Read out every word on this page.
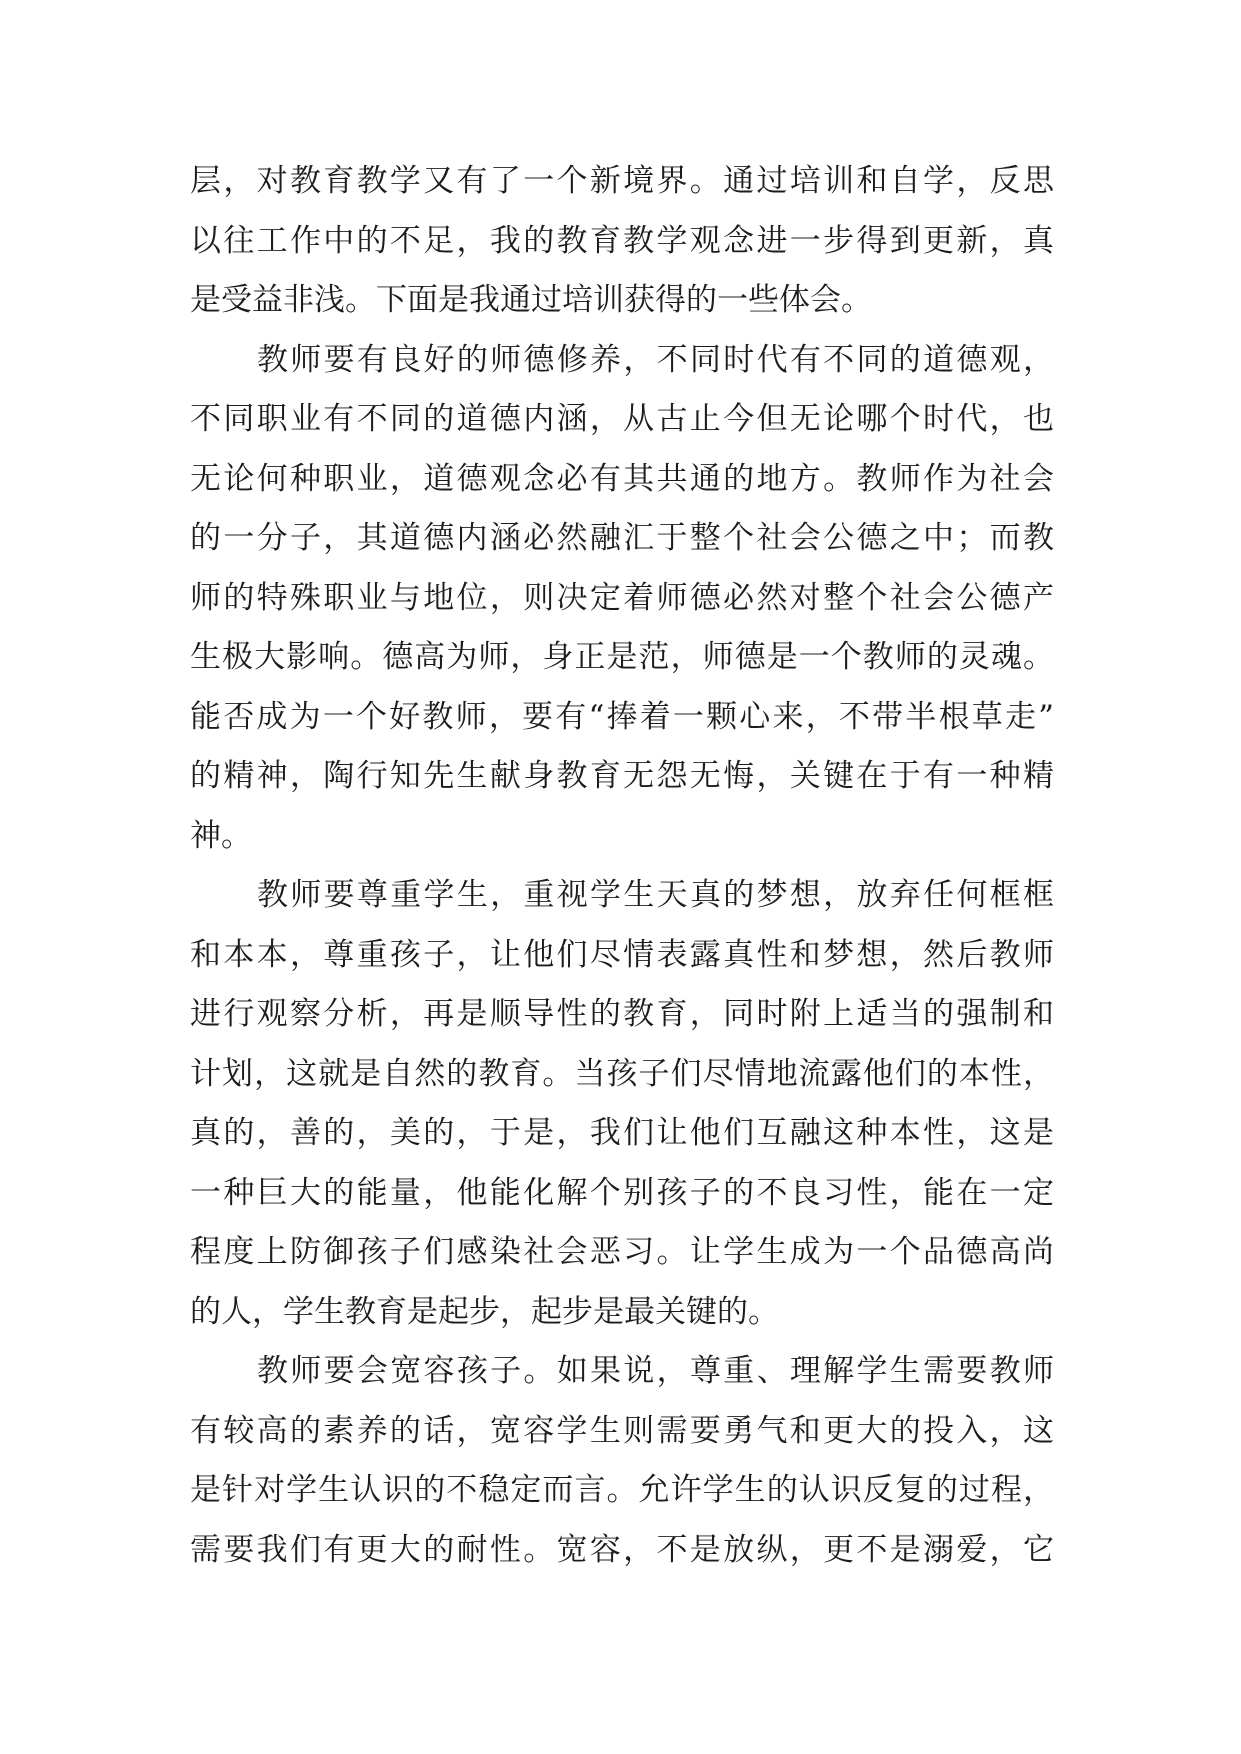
层，对教育教学又有了一个新境界。通过培训和自学，反思
以往工作中的不足，我的教育教学观念进一步得到更新，真
是受益非浅。下面是我通过培训获得的一些体会。
教师要有良好的师德修养，不同时代有不同的道德观，
不同职业有不同的道德内涵，从古止今但无论哪个时代，也
无论何种职业，道德观念必有其共通的地方。教师作为社会
的一分子，其道德内涵必然融汇于整个社会公德之中；而教
师的特殊职业与地位，则决定着师德必然对整个社会公德产
生极大影响。德高为师，身正是范，师德是一个教师的灵魂。
能否成为一个好教师，要有“捧着一颗心来，不带半根草走”
的精神，陶行知先生献身教育无怨无悔，关键在于有一种精
神。
教师要尊重学生，重视学生天真的梦想，放弃任何框框
和本本，尊重孩子，让他们尽情表露真性和梦想，然后教师
进行观察分析，再是顺导性的教育，同时附上适当的强制和
计划，这就是自然的教育。当孩子们尽情地流露他们的本性，
真的，善的，美的，于是，我们让他们互融这种本性，这是
一种巨大的能量，他能化解个别孩子的不良习性，能在一定
程度上防御孩子们感染社会恶习。让学生成为一个品德高尚
的人，学生教育是起步，起步是最关键的。
教师要会宽容孩子。如果说，尊重、理解学生需要教师
有较高的素养的话，宽容学生则需要勇气和更大的投入，这
是针对学生认识的不稳定而言。允许学生的认识反复的过程，
需要我们有更大的耐性。宽容，不是放纵，更不是溺爱，它
